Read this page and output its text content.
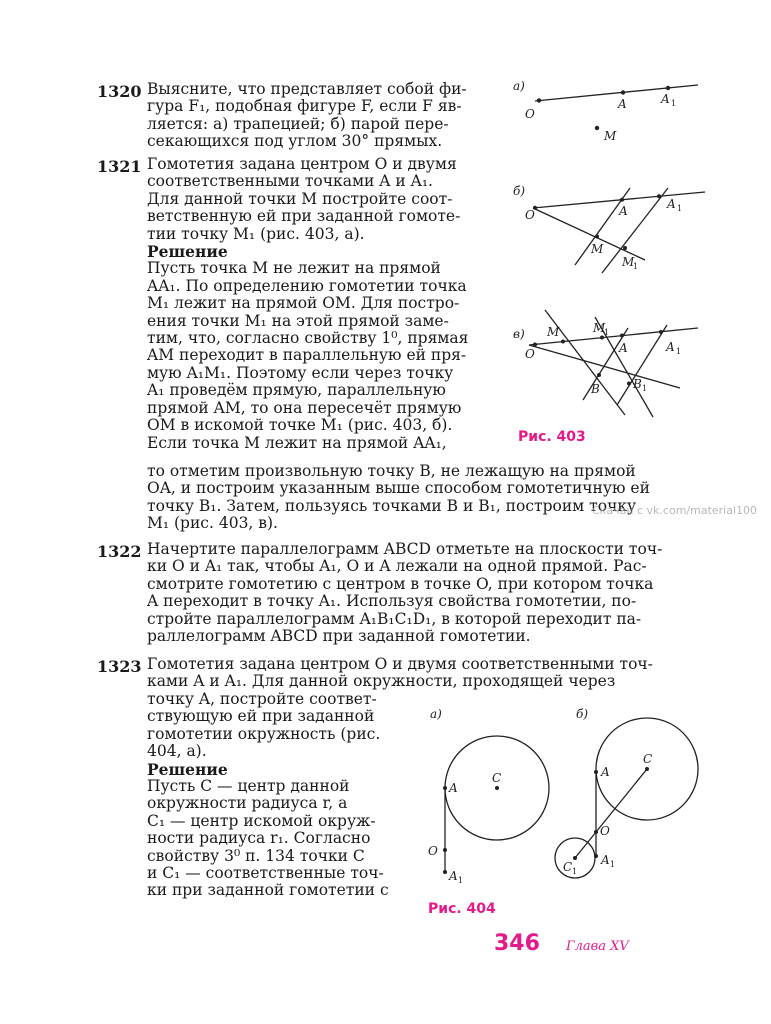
1320 Выясните, что представляет собой фи-

гура F₁, подобная фигуре F, если F яв-

ляется: а) трапецией; б) парой пере-

секающихся под углом 30° прямых.

1321 Гомотетия задана центром O и двумя

соответственными точками A и A₁.

Для данной точки M постройте соот-

ветственную ей при заданной гомоте-

тии точку M₁ (рис. 403, а).

Решение

Пусть точка M не лежит на прямой

AA₁. По определению гомотетии точка

M₁ лежит на прямой OM. Для постро-

ения точки M₁ на этой прямой заме-

тим, что, согласно свойству 1⁰, прямая

AM переходит в параллельную ей пря-

мую A₁M₁. Поэтому если через точку

A₁ проведём прямую, параллельную

прямой AM, то она пересечёт прямую

OM в искомой точке M₁ (рис. 403, б).

Если точка M лежит на прямой AA₁,

то отметим произвольную точку B, не лежащую на прямой

OA, и построим указанным выше способом гомотетичную ей

точку B₁. Затем, пользуясь точками B и B₁, построим точку

M₁ (рис. 403, в).

Скачан с vk.com/material100
1322 Начертите параллелограмм ABCD отметьте на плоскости точ-

ки O и A₁ так, чтобы A₁, O и A лежали на одной прямой. Рас-

смотрите гомотетию с центром в точке O, при котором точка

A переходит в точку A₁. Используя свойства гомотетии, по-

стройте параллелограмм A₁B₁C₁D₁, в которой переходит па-

раллелограмм ABCD при заданной гомотетии.

1323 Гомотетия задана центром O и двумя соответственными точ-

ками A и A₁. Для данной окружности, проходящей через

точку A, постройте соответ-

ствующую ей при заданной

гомотетии окружность (рис.

404, а).

Решение

Пусть C — центр данной

окружности радиуса r, а

C₁ — центр искомой окруж-

ности радиуса r₁. Согласно

свойству 3⁰ п. 134 точки C

и C₁ — соответственные точ-

ки при заданной гомотетии с

а)
O
A	A 1
M
б)
O	A	A 1
M
M
1
в)
O
M	M
1
A	A 1
B	B 1
Рис. 403
а)
A
C
O
A 1
б)
A
C
O
C 1
A 1
Рис. 404
346 Глава XV
